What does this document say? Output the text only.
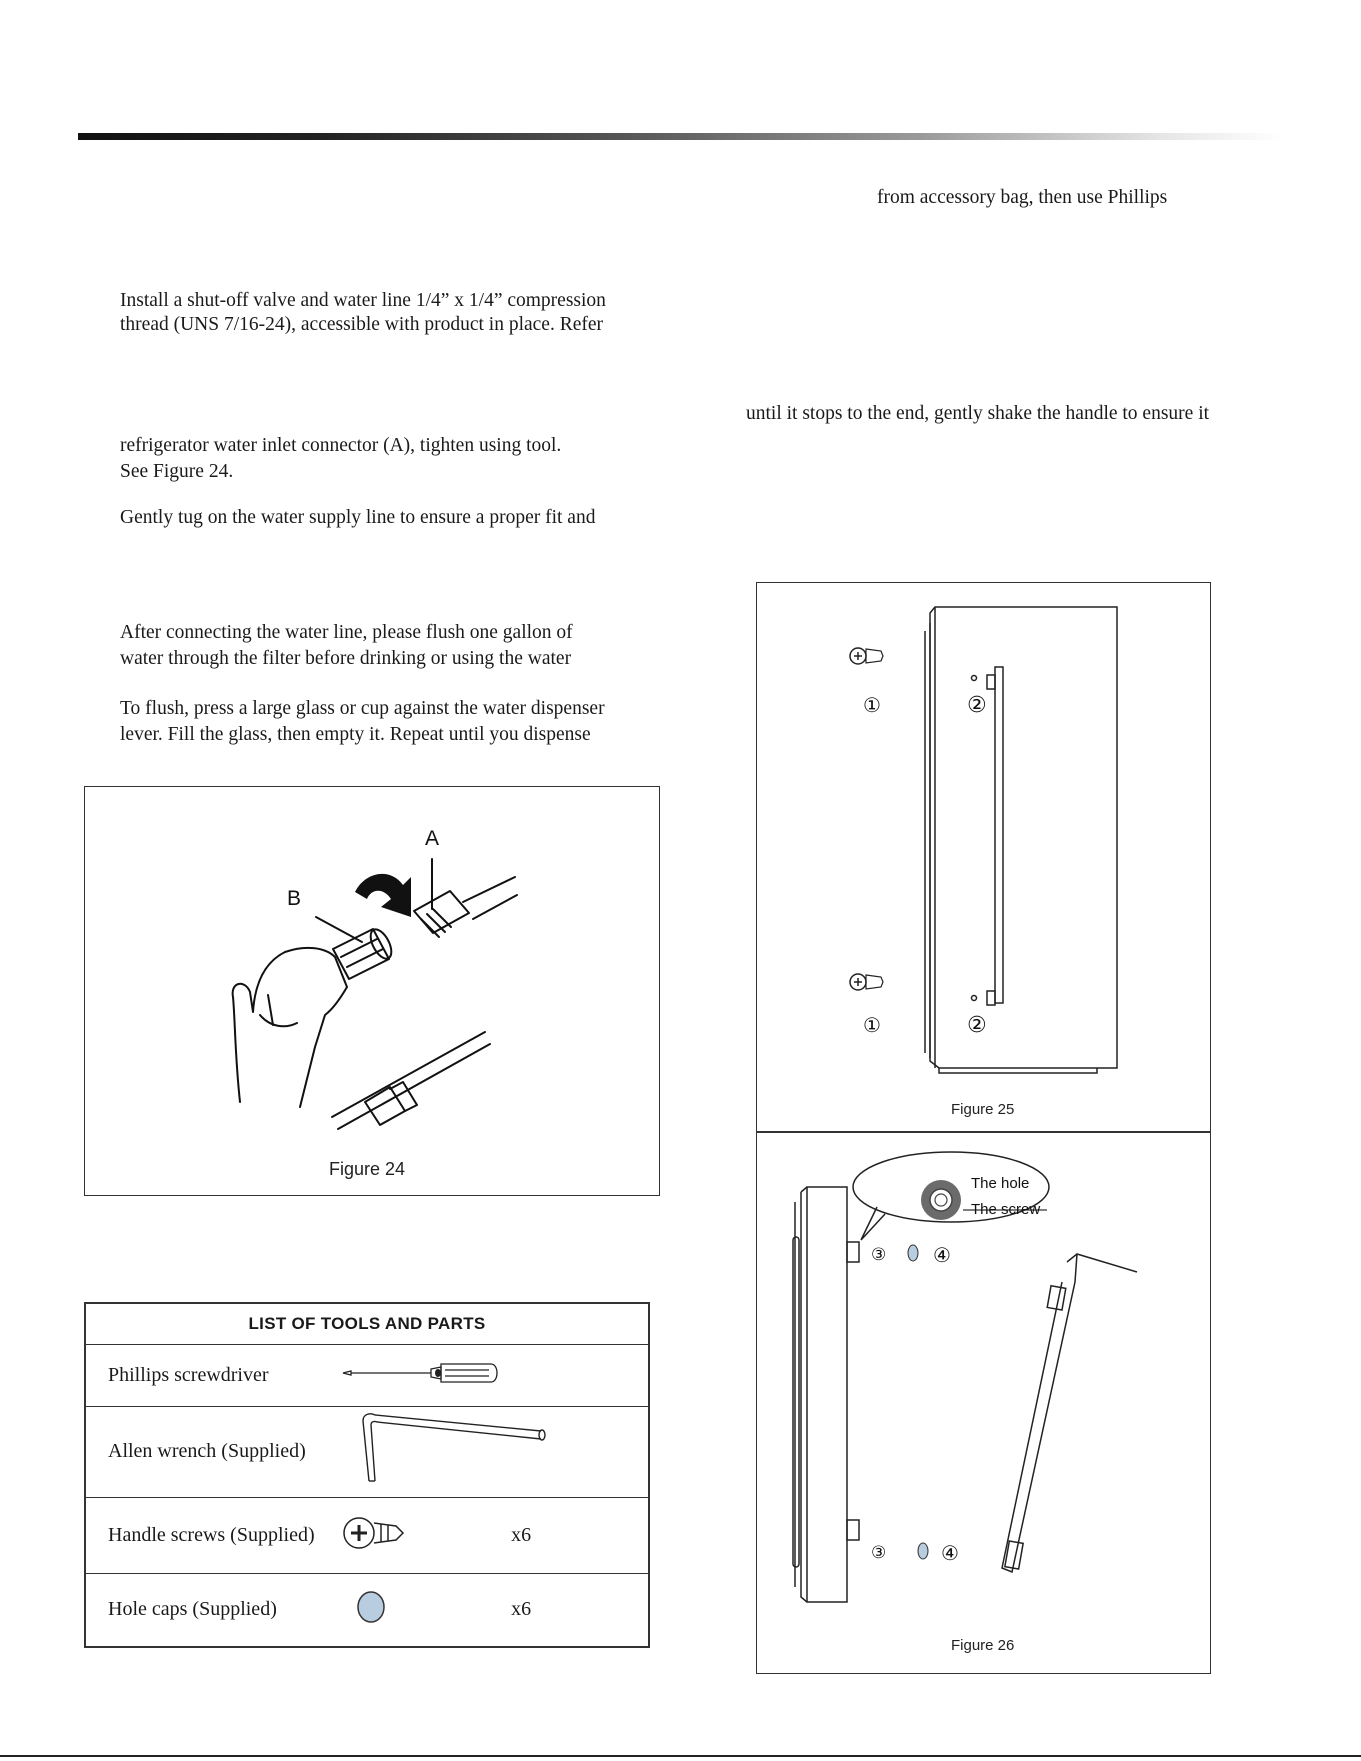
Install a shut-off valve and water line 1/4” x 1/4” compression
thread (UNS 7/16-24), accessible with product in place. Refer
refrigerator water inlet connector (A), tighten using tool.
See Figure 24.
Gently tug on the water supply line to ensure a proper fit and
After connecting the water line, please flush one gallon of
water through the filter before drinking or using the water
To flush, press a large glass or cup against the water dispenser
lever. Fill the glass, then empty it. Repeat until you dispense
from accessory bag, then use Phillips
until it stops to the end, gently shake the handle to ensure it
A
B
Figure 24
①	②
①	②
Figure 25
The hole
The screw
③ ④
③	④
Figure 26
LIST OF TOOLS AND PARTS		
Phillips screwdriver		
Allen wrench (Supplied)	
Handle screws (Supplied)		x6
Hole caps (Supplied)		x6
